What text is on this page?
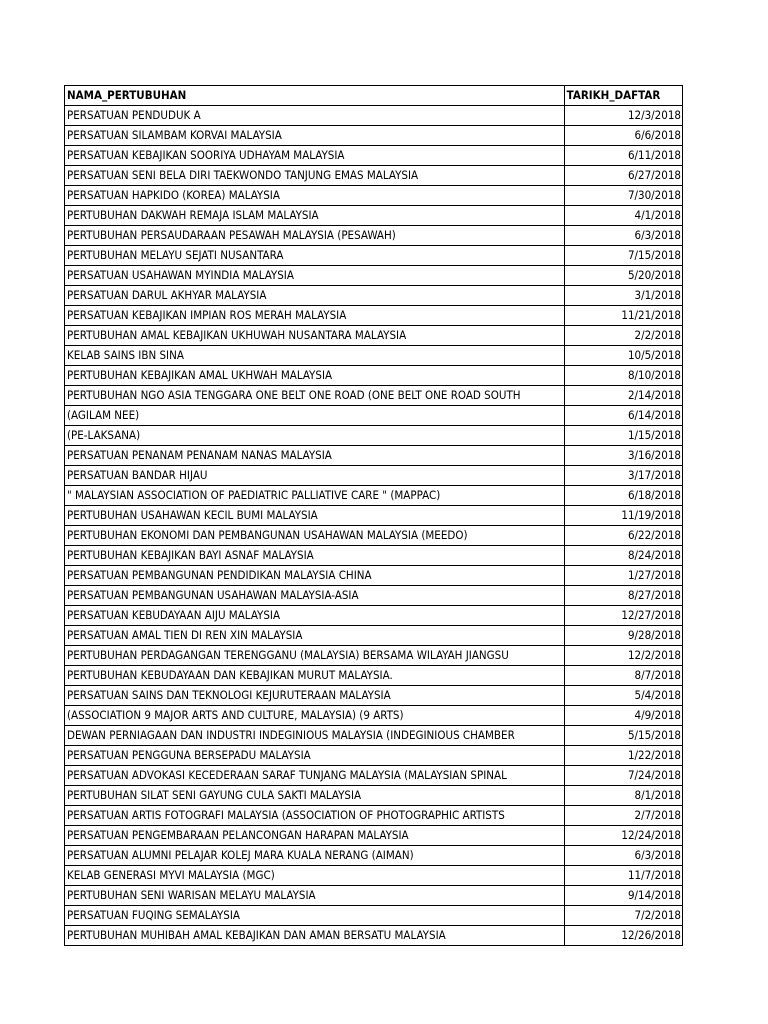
NAMA_PERTUBUHAN	TARIKH_DAFTAR
PERSATUAN PENDUDUK A	12/3/2018
PERSATUAN SILAMBAM KORVAI MALAYSIA	6/6/2018
PERSATUAN KEBAJIKAN SOORIYA UDHAYAM MALAYSIA	6/11/2018
PERSATUAN SENI BELA DIRI TAEKWONDO TANJUNG EMAS MALAYSIA	6/27/2018
PERSATUAN HAPKIDO (KOREA) MALAYSIA	7/30/2018
PERTUBUHAN DAKWAH REMAJA ISLAM MALAYSIA	4/1/2018
PERTUBUHAN PERSAUDARAAN PESAWAH MALAYSIA (PESAWAH)	6/3/2018
PERTUBUHAN MELAYU SEJATI NUSANTARA	7/15/2018
PERSATUAN USAHAWAN MYINDIA MALAYSIA	5/20/2018
PERSATUAN DARUL AKHYAR MALAYSIA	3/1/2018
PERSATUAN KEBAJIKAN IMPIAN ROS MERAH MALAYSIA	11/21/2018
PERTUBUHAN AMAL KEBAJIKAN UKHUWAH NUSANTARA MALAYSIA	2/2/2018
KELAB SAINS IBN SINA	10/5/2018
PERTUBUHAN KEBAJIKAN AMAL UKHWAH MALAYSIA	8/10/2018
PERTUBUHAN NGO ASIA TENGGARA ONE BELT ONE ROAD (ONE BELT ONE ROAD SOUTH	2/14/2018
(AGILAM NEE)	6/14/2018
(PE-LAKSANA)	1/15/2018
PERSATUAN PENANAM PENANAM NANAS MALAYSIA	3/16/2018
PERSATUAN BANDAR HIJAU	3/17/2018
" MALAYSIAN ASSOCIATION OF PAEDIATRIC PALLIATIVE CARE " (MAPPAC)	6/18/2018
PERTUBUHAN USAHAWAN KECIL BUMI MALAYSIA	11/19/2018
PERTUBUHAN EKONOMI DAN PEMBANGUNAN USAHAWAN MALAYSIA (MEEDO)	6/22/2018
PERTUBUHAN KEBAJIKAN BAYI ASNAF MALAYSIA	8/24/2018
PERSATUAN PEMBANGUNAN PENDIDIKAN MALAYSIA CHINA	1/27/2018
PERSATUAN PEMBANGUNAN USAHAWAN MALAYSIA-ASIA	8/27/2018
PERSATUAN KEBUDAYAAN AIJU MALAYSIA	12/27/2018
PERSATUAN AMAL TIEN DI REN XIN MALAYSIA	9/28/2018
PERTUBUHAN PERDAGANGAN TERENGGANU (MALAYSIA) BERSAMA WILAYAH JIANGSU	12/2/2018
PERTUBUHAN KEBUDAYAAN DAN KEBAJIKAN MURUT MALAYSIA.	8/7/2018
PERSATUAN SAINS DAN TEKNOLOGI KEJURUTERAAN MALAYSIA	5/4/2018
(ASSOCIATION 9 MAJOR ARTS AND CULTURE, MALAYSIA) (9 ARTS)	4/9/2018
DEWAN PERNIAGAAN DAN INDUSTRI INDEGINIOUS MALAYSIA (INDEGINIOUS CHAMBER	5/15/2018
PERSATUAN PENGGUNA BERSEPADU MALAYSIA	1/22/2018
PERSATUAN ADVOKASI KECEDERAAN SARAF TUNJANG MALAYSIA (MALAYSIAN SPINAL	7/24/2018
PERTUBUHAN SILAT SENI GAYUNG CULA SAKTI MALAYSIA	8/1/2018
PERSATUAN ARTIS FOTOGRAFI MALAYSIA (ASSOCIATION OF PHOTOGRAPHIC ARTISTS	2/7/2018
PERSATUAN PENGEMBARAAN PELANCONGAN HARAPAN MALAYSIA	12/24/2018
PERSATUAN ALUMNI PELAJAR KOLEJ MARA KUALA NERANG (AIMAN)	6/3/2018
KELAB GENERASI MYVI MALAYSIA (MGC)	11/7/2018
PERTUBUHAN SENI WARISAN MELAYU MALAYSIA	9/14/2018
PERSATUAN FUQING SEMALAYSIA	7/2/2018
PERTUBUHAN MUHIBAH AMAL KEBAJIKAN DAN AMAN BERSATU MALAYSIA	12/26/2018
